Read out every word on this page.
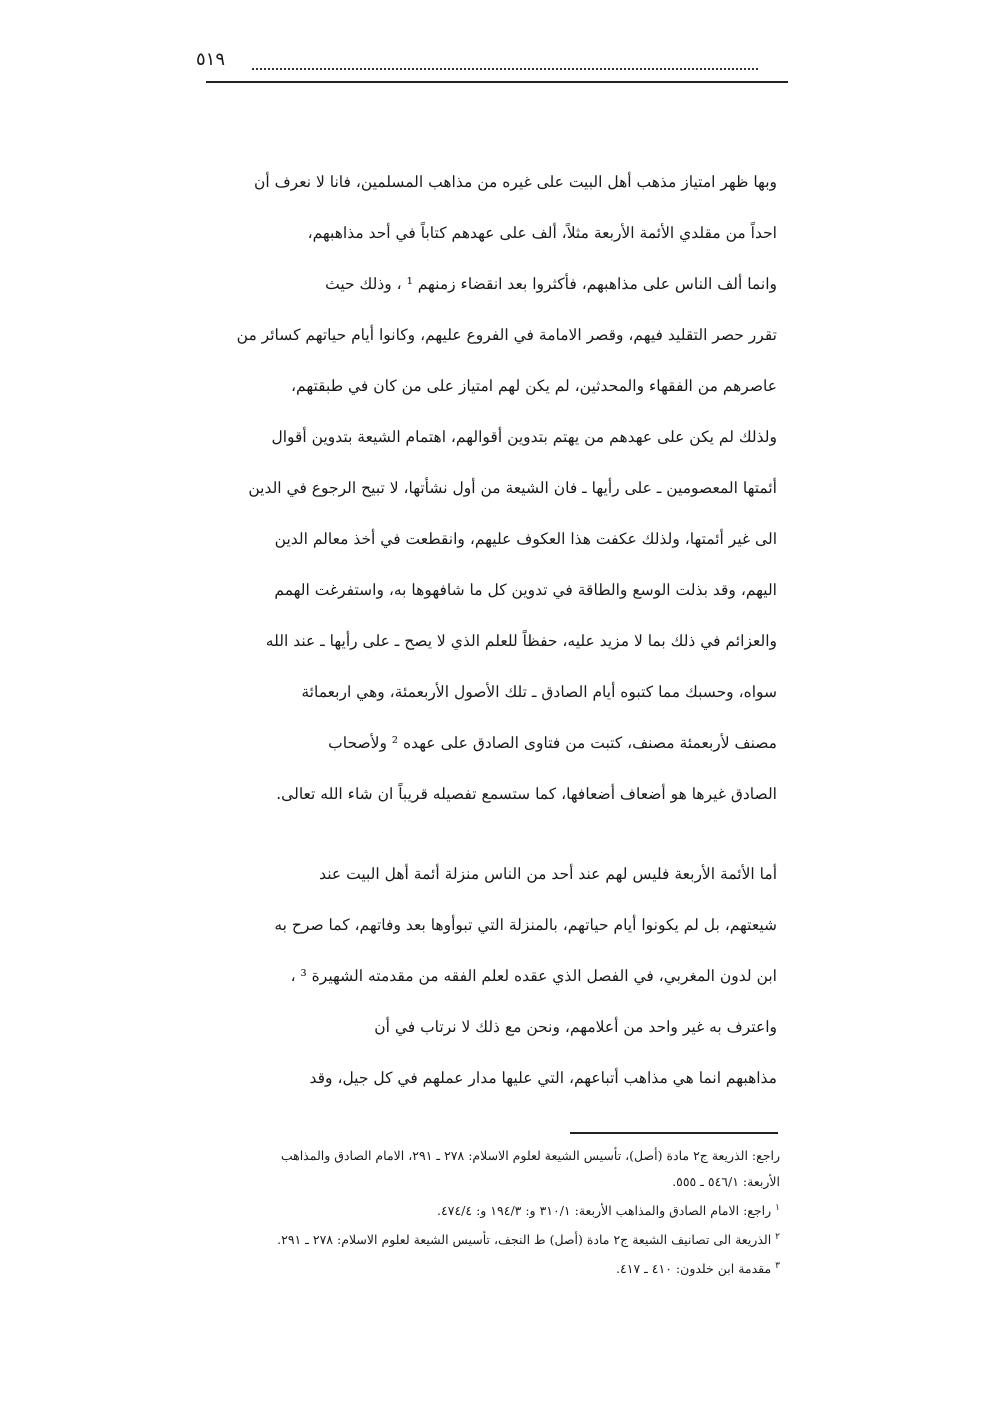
٥١٩
وبها ظهر امتياز مذهب أهل البيت على غيره من مذاهب المسلمين، فانا لا نعرف أن
احداً من مقلدي الأئمة الأربعة مثلاً، ألف على عهدهم كتاباً في أحد مذاهبهم،
وانما ألف الناس على مذاهبهم، فأكثروا بعد انقضاء زمنهم ¹ ، وذلك حيث
تقرر حصر التقليد فيهم، وقصر الامامة في الفروع عليهم، وكانوا أيام حياتهم كسائر من
عاصرهم من الفقهاء والمحدثين، لم يكن لهم امتياز على من كان في طبقتهم،
ولذلك لم يكن على عهدهم من يهتم بتدوين أقوالهم، اهتمام الشيعة بتدوين أقوال
أئمتها المعصومين ـ على رأيها ـ فان الشيعة من أول نشأتها، لا تبيح الرجوع في الدين
الى غير أئمتها، ولذلك عكفت هذا العكوف عليهم، وانقطعت في أخذ معالم الدين
اليهم، وقد بذلت الوسع والطاقة في تدوين كل ما شافهوها به، واستفرغت الهمم
والعزائم في ذلك بما لا مزيد عليه، حفظاً للعلم الذي لا يصح ـ على رأيها ـ عند الله
سواه، وحسبك مما كتبوه أيام الصادق ـ تلك الأصول الأربعمئة، وهي اربعمائة
مصنف لأربعمئة مصنف، كتبت من فتاوى الصادق على عهده ² ولأصحاب
الصادق غيرها هو أضعاف أضعافها، كما ستسمع تفصيله قريباً ان شاء الله تعالى.
أما الأئمة الأربعة فليس لهم عند أحد من الناس منزلة أئمة أهل البيت عند
شيعتهم، بل لم يكونوا أيام حياتهم، بالمنزلة التي تبوأوها بعد وفاتهم، كما صرح به
ابن لدون المغربي، في الفصل الذي عقده لعلم الفقه من مقدمته الشهيرة ³ ،
واعترف به غير واحد من أعلامهم، ونحن مع ذلك لا نرتاب في أن
مذاهبهم انما هي مذاهب أتباعهم، التي عليها مدار عملهم في كل جيل، وقد
راجع: الذريعة ج٢ مادة (أصل)، تأسيس الشيعة لعلوم الاسلام: ٢٧٨ ـ ٢٩١، الامام الصادق والمذاهب
الأربعة: ٥٤٦/١ ـ ٥٥٥.
$^١$ راجع: الامام الصادق والمذاهب الأربعة: ٣١٠/١ و: ١٩٤/٣ و: ٤٧٤/٤.
$^٢$ الذريعة الى تصانيف الشيعة ج٢ مادة (أصل) ط النجف، تأسيس الشيعة لعلوم الاسلام: ٢٧٨ ـ ٢٩١.
$^٣$ مقدمة ابن خلدون: ٤١٠ ـ ٤١٧.
